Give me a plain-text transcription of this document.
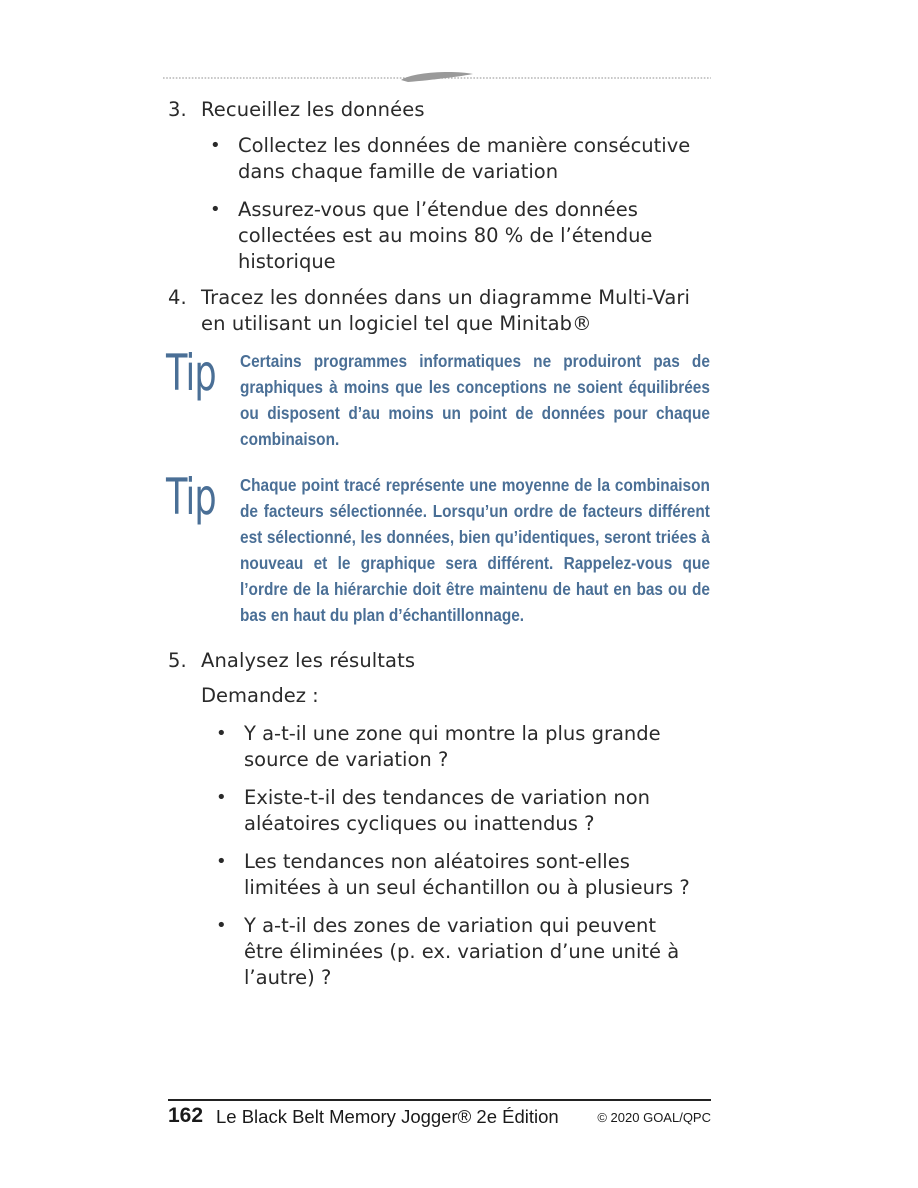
3. Recueillez les données
• Collectez les données de manière consécutive dans chaque famille de variation
• Assurez-vous que l’étendue des données collectées est au moins 80 % de l’étendue historique
4. Tracez les données dans un diagramme Multi-Vari en utilisant un logiciel tel que Minitab®
Tip Certains programmes informatiques ne produiront pas de graphiques à moins que les conceptions ne soient équilibrées ou disposent d’au moins un point de données pour chaque combinaison.
Tip Chaque point tracé représente une moyenne de la combinaison de facteurs sélectionnée. Lorsqu’un ordre de facteurs différent est sélectionné, les données, bien qu’identiques, seront triées à nouveau et le graphique sera différent. Rappelez-vous que l’ordre de la hiérarchie doit être maintenu de haut en bas ou de bas en haut du plan d’échantillonnage.
5. Analysez les résultats
Demandez :
• Y a-t-il une zone qui montre la plus grande source de variation ?
• Existe-t-il des tendances de variation non aléatoires cycliques ou inattendus ?
• Les tendances non aléatoires sont-elles limitées à un seul échantillon ou à plusieurs ?
• Y a-t-il des zones de variation qui peuvent être éliminées (p. ex. variation d’une unité à l’autre) ?
162 Le Black Belt Memory Jogger® 2e Édition	© 2020 GOAL/QPC
